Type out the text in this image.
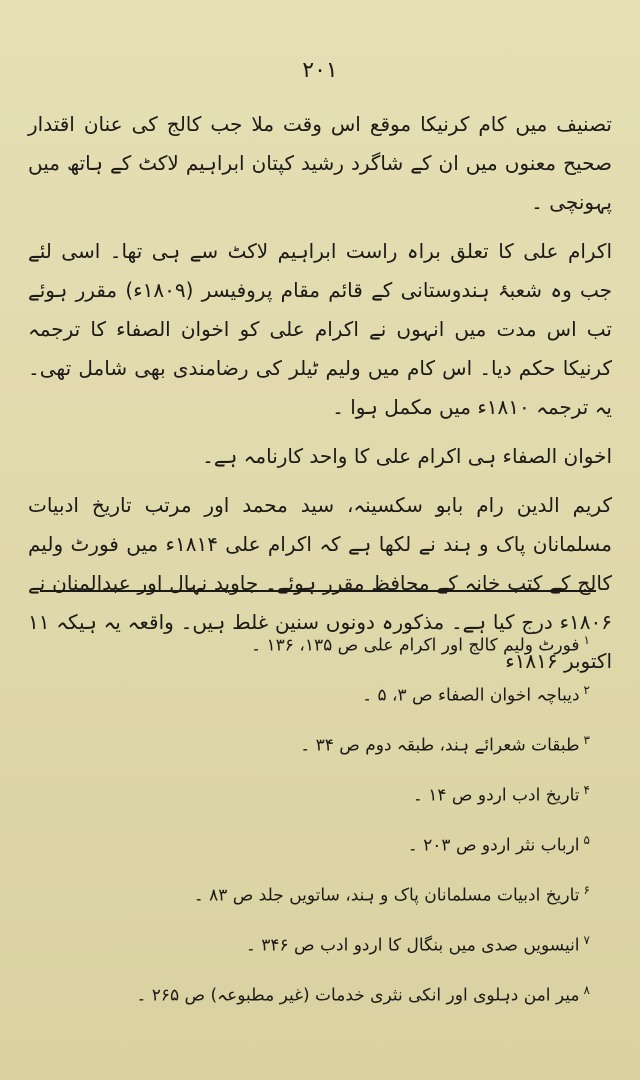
۲۰۱

تصنیف میں کام کرنیکا موقع اس وقت ملا جب کالج کی عنان اقتدار صحیح معنوں میں ان کے شاگرد رشید کپتان ابراہیم لاکٹ کے ہاتھ میں پہونچی ۔

اکرام علی کا تعلق براہ راست ابراہیم لاکٹ سے ہی تھا۔ اسی لئے جب وہ شعبۂ ہندوستانی کے قائم مقام پروفیسر (۱۸۰۹ء) مقرر ہوئے تب اس مدت میں انہوں نے اکرام علی کو اخوان الصفاء کا ترجمہ کرنیکا حکم دیا۔ اس کام میں ولیم ٹیلر کی رضامندی بھی شامل تھی۔ یہ ترجمہ ۱۸۱۰ء میں مکمل ہوا ۔

اخوان الصفاء ہی اکرام علی کا واحد کارنامہ ہے۔

کریم الدین رام بابو سکسینہ، سید محمد اور مرتب تاریخ ادبیات مسلمانان پاک و ہند نے لکھا ہے کہ اکرام علی ۱۸۱۴ء میں فورٹ ولیم کالج کے کتب خانہ کے محافظ مقرر ہوئے۔ جاوید نہال اور عبدالمنان نے ۱۸۰۶ء درج کیا ہے۔ مذکورہ دونوں سنین غلط ہیں۔ واقعہ یہ ہیکہ ۱۱ اکتوبر ۱۸۱۶ء

$^۱$فورٹ ولیم کالج اور اکرام علی ص ۱۳۵، ۱۳۶ ۔
$^۲$دیباچہ اخوان الصفاء ص ۳، ۵ ۔
$^۳$طبقات شعرائے ہند، طبقہ دوم ص ۳۴ ۔
$^۴$تاریخ ادب اردو ص ۱۴ ۔
$^۵$ارباب نثر اردو ص ۲۰۳ ۔
$^۶$تاریخ ادبیات مسلمانان پاک و ہند، ساتویں جلد ص ۸۳ ۔
$^۷$انیسویں صدی میں بنگال کا اردو ادب ص ۳۴۶ ۔
$^۸$میر امن دہلوی اور انکی نثری خدمات (غیر مطبوعہ) ص ۲۶۵ ۔
